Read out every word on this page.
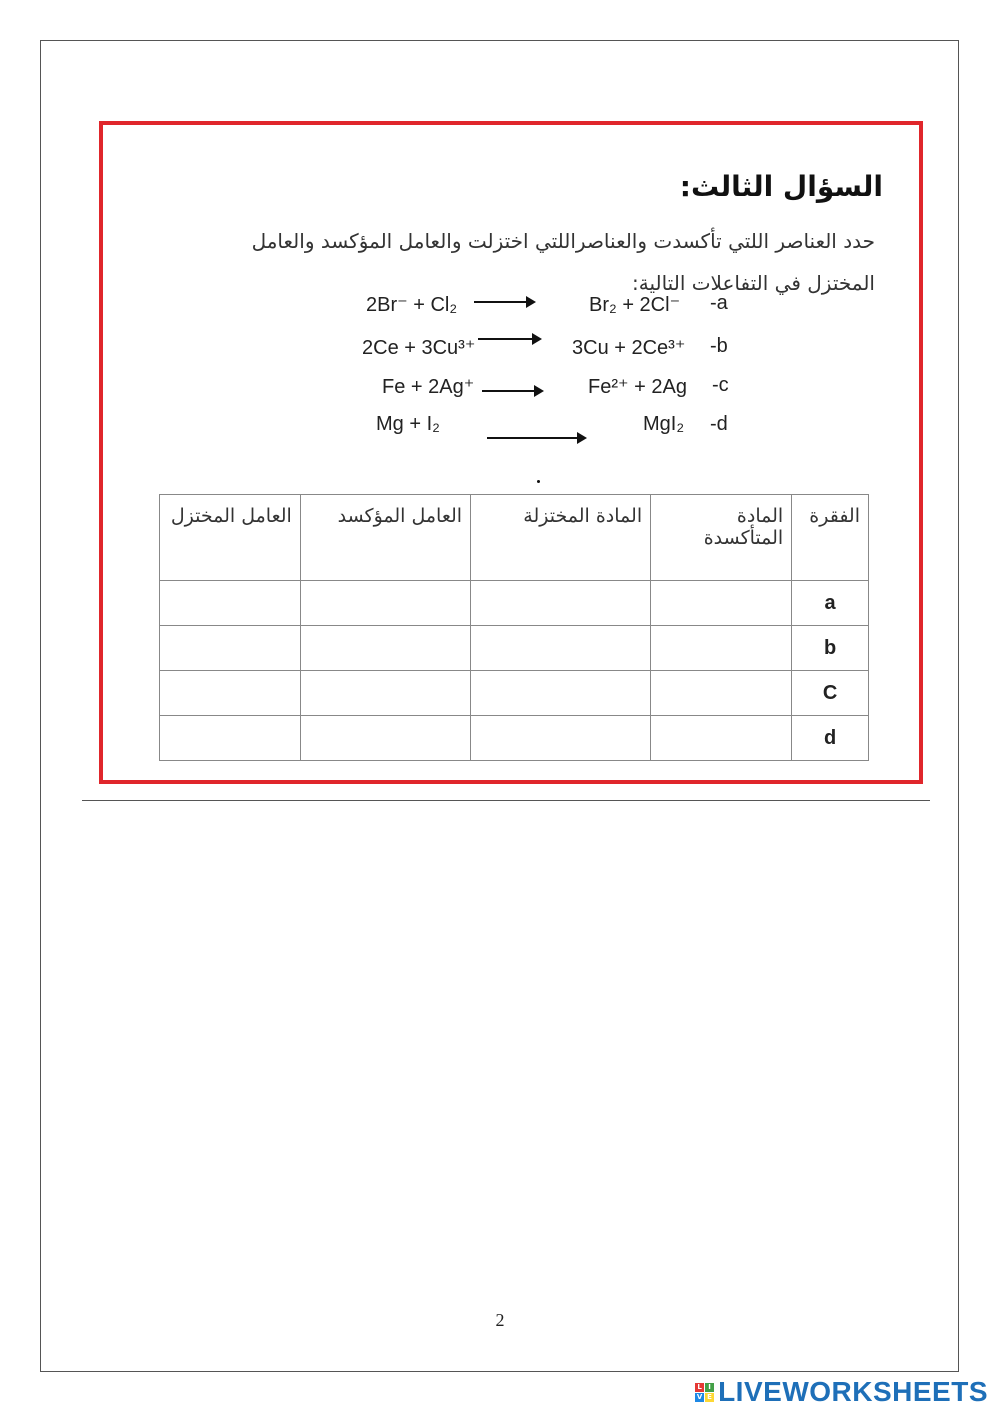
السؤال الثالث:
حدد العناصر اللتي تأكسدت والعناصراللتي اختزلت والعامل المؤكسد والعامل المختزل في التفاعلات التالية:
2Br⁻ + Cl₂	Br₂ + 2Cl⁻ -a
2Ce + 3Cu³⁺	3Cu + 2Ce³⁺ -b
Fe + 2Ag⁺	Fe²⁺ + 2Ag -c
Mg + I₂	MgI₂ -d
الفقرة	المادة المتأكسدة	المادة المختزلة	العامل المؤكسد	العامل المختزل
a				
b				
C				
d				
2
L I
V E LIVEWORKSHEETS
